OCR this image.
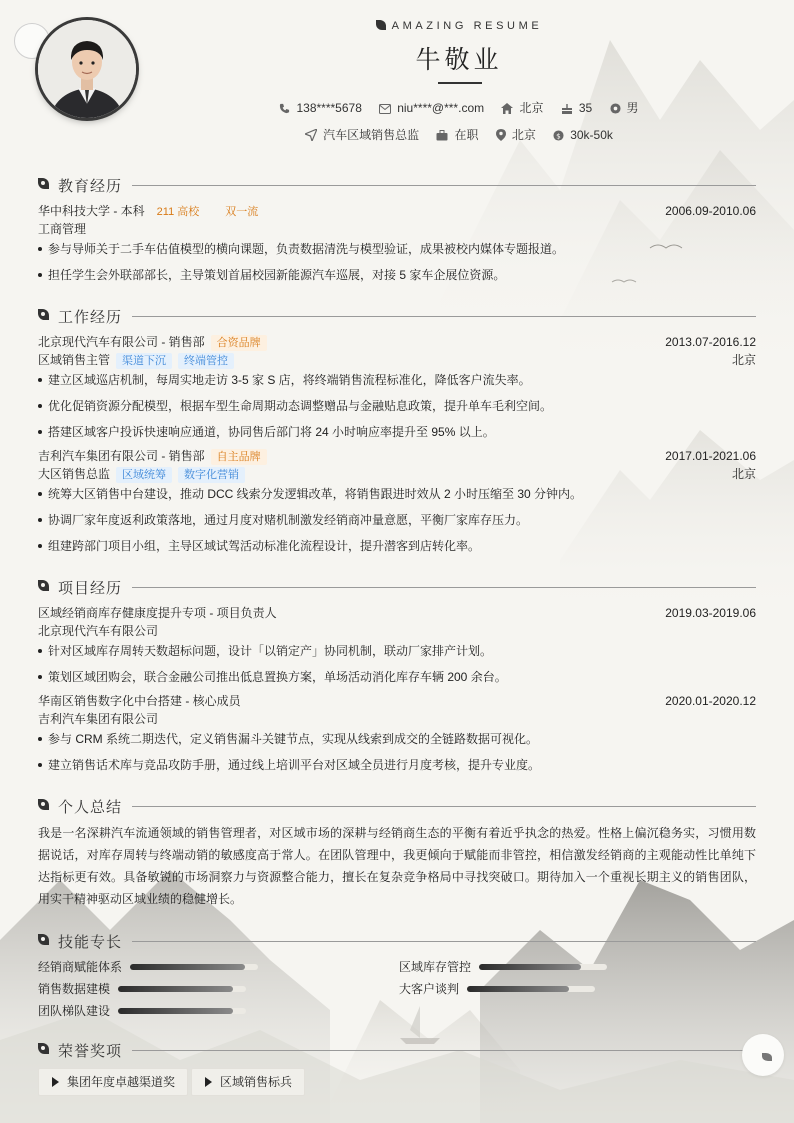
AMAZING RESUME
牛敬业
138****5678	niu****@***.com	北京	35	男
汽车区域销售总监	在职	北京	$ 30k-50k
教育经历
华中科技大学 - 本科 211 高校 双一流	2006.09-2010.06
工商管理
参与导师关于二手车估值模型的横向课题，负责数据清洗与模型验证，成果被校内媒体专题报道。
担任学生会外联部部长，主导策划首届校园新能源汽车巡展，对接 5 家车企展位资源。
工作经历
北京现代汽车有限公司 - 销售部 合资品牌	2013.07-2016.12
区域销售主管 渠道下沉 终端管控	北京
建立区域巡店机制，每周实地走访 3-5 家 S 店，将终端销售流程标准化，降低客户流失率。
优化促销资源分配模型，根据车型生命周期动态调整赠品与金融贴息政策，提升单车毛利空间。
搭建区域客户投诉快速响应通道，协同售后部门将 24 小时响应率提升至 95% 以上。
吉利汽车集团有限公司 - 销售部 自主品牌	2017.01-2021.06
大区销售总监 区域统筹 数字化营销	北京
统筹大区销售中台建设，推动 DCC 线索分发逻辑改革，将销售跟进时效从 2 小时压缩至 30 分钟内。
协调厂家年度返利政策落地，通过月度对赌机制激发经销商冲量意愿，平衡厂家库存压力。
组建跨部门项目小组，主导区域试驾活动标准化流程设计，提升潜客到店转化率。
项目经历
区域经销商库存健康度提升专项 - 项目负责人	2019.03-2019.06
北京现代汽车有限公司
针对区域库存周转天数超标问题，设计「以销定产」协同机制，联动厂家排产计划。
策划区域团购会，联合金融公司推出低息置换方案，单场活动消化库存车辆 200 余台。
华南区销售数字化中台搭建 - 核心成员	2020.01-2020.12
吉利汽车集团有限公司
参与 CRM 系统二期迭代，定义销售漏斗关键节点，实现从线索到成交的全链路数据可视化。
建立销售话术库与竞品攻防手册，通过线上培训平台对区域全员进行月度考核，提升专业度。
个人总结
我是一名深耕汽车流通领域的销售管理者，对区域市场的深耕与经销商生态的平衡有着近乎执念的热爱。性格上偏沉稳务实，习惯用数据说话，对库存周转与终端动销的敏感度高于常人。在团队管理中，我更倾向于赋能而非管控，相信激发经销商的主观能动性比单纯下达指标更有效。具备敏锐的市场洞察力与资源整合能力，擅长在复杂竞争格局中寻找突破口。期待加入一个重视长期主义的销售团队，用实干精神驱动区域业绩的稳健增长。
技能专长
经销商赋能体系	区域库存管控
销售数据建模	大客户谈判
团队梯队建设
荣誉奖项
集团年度卓越渠道奖	区域销售标兵
